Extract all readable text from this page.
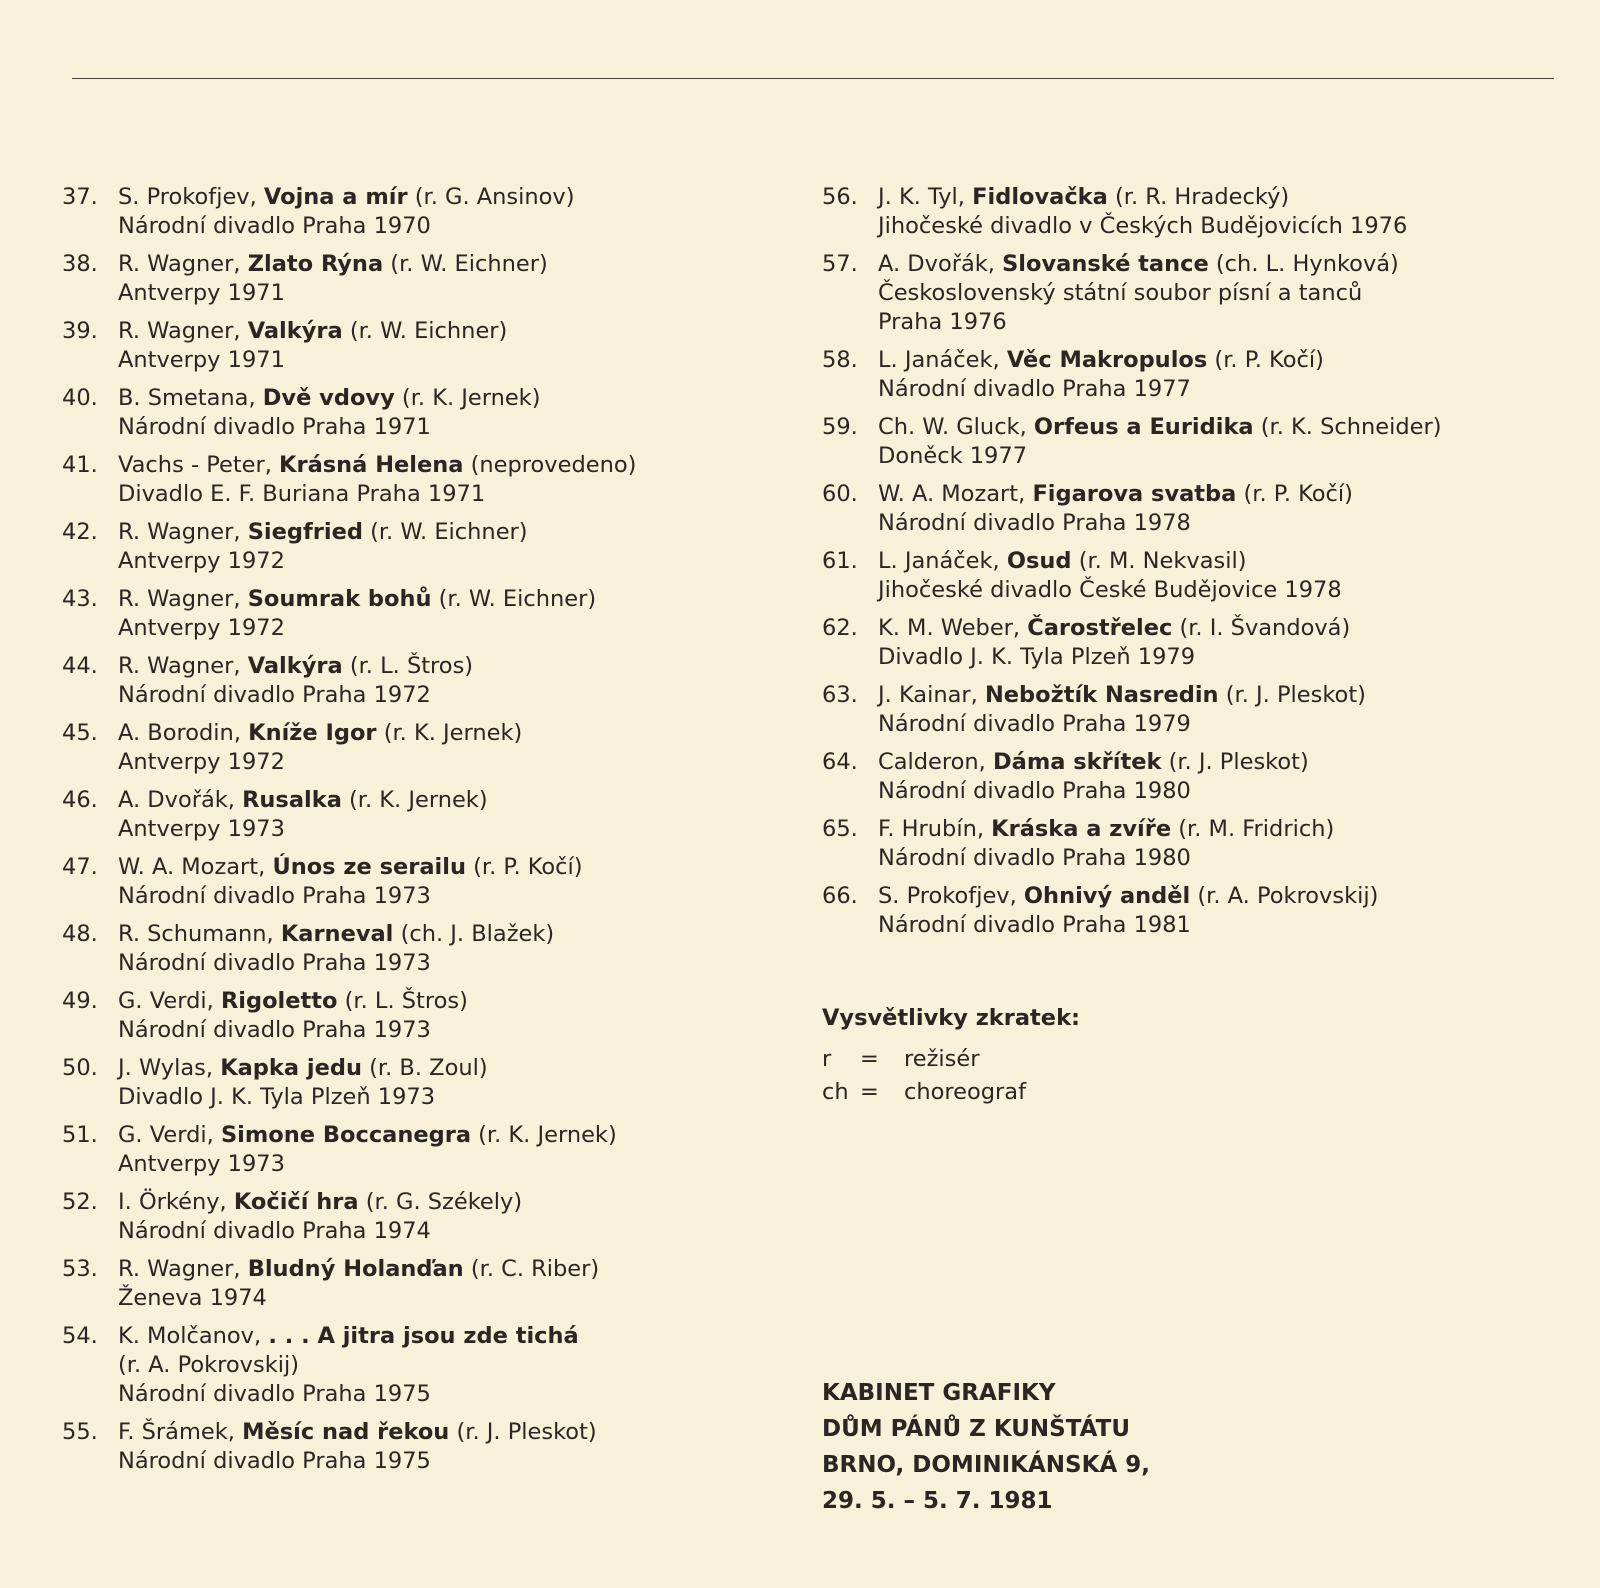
37. S. Prokofjev, Vojna a mír (r. G. Ansinov)
Národní divadlo Praha 1970
38. R. Wagner, Zlato Rýna (r. W. Eichner)
Antverpy 1971
39. R. Wagner, Valkýra (r. W. Eichner)
Antverpy 1971
40. B. Smetana, Dvě vdovy (r. K. Jernek)
Národní divadlo Praha 1971
41. Vachs - Peter, Krásná Helena (neprovedeno)
Divadlo E. F. Buriana Praha 1971
42. R. Wagner, Siegfried (r. W. Eichner)
Antverpy 1972
43. R. Wagner, Soumrak bohů (r. W. Eichner)
Antverpy 1972
44. R. Wagner, Valkýra (r. L. Štros)
Národní divadlo Praha 1972
45. A. Borodin, Kníže Igor (r. K. Jernek)
Antverpy 1972
46. A. Dvořák, Rusalka (r. K. Jernek)
Antverpy 1973
47. W. A. Mozart, Únos ze serailu (r. P. Kočí)
Národní divadlo Praha 1973
48. R. Schumann, Karneval (ch. J. Blažek)
Národní divadlo Praha 1973
49. G. Verdi, Rigoletto (r. L. Štros)
Národní divadlo Praha 1973
50. J. Wylas, Kapka jedu (r. B. Zoul)
Divadlo J. K. Tyla Plzeň 1973
51. G. Verdi, Simone Boccanegra (r. K. Jernek)
Antverpy 1973
52. I. Örkény, Kočičí hra (r. G. Székely)
Národní divadlo Praha 1974
53. R. Wagner, Bludný Holanďan (r. C. Riber)
Ženeva 1974
54. K. Molčanov, . . . A jitra jsou zde tichá
(r. A. Pokrovskij)
Národní divadlo Praha 1975
55. F. Šrámek, Měsíc nad řekou (r. J. Pleskot)
Národní divadlo Praha 1975
56. J. K. Tyl, Fidlovačka (r. R. Hradecký)
Jihočeské divadlo v Českých Budějovicích 1976
57. A. Dvořák, Slovanské tance (ch. L. Hynková)
Československý státní soubor písní a tanců
Praha 1976
58. L. Janáček, Věc Makropulos (r. P. Kočí)
Národní divadlo Praha 1977
59. Ch. W. Gluck, Orfeus a Euridika (r. K. Schneider)
Doněck 1977
60. W. A. Mozart, Figarova svatba (r. P. Kočí)
Národní divadlo Praha 1978
61. L. Janáček, Osud (r. M. Nekvasil)
Jihočeské divadlo České Budějovice 1978
62. K. M. Weber, Čarostřelec (r. I. Švandová)
Divadlo J. K. Tyla Plzeň 1979
63. J. Kainar, Nebožtík Nasredin (r. J. Pleskot)
Národní divadlo Praha 1979
64. Calderon, Dáma skřítek (r. J. Pleskot)
Národní divadlo Praha 1980
65. F. Hrubín, Kráska a zvíře (r. M. Fridrich)
Národní divadlo Praha 1980
66. S. Prokofjev, Ohnivý anděl (r. A. Pokrovskij)
Národní divadlo Praha 1981
Vysvětlivky zkratek:
r	=	režisér
ch =	choreograf
KABINET GRAFIKY
DŮM PÁNŮ Z KUNŠTÁTU
BRNO, DOMINIKÁNSKÁ 9,
29. 5. – 5. 7. 1981
